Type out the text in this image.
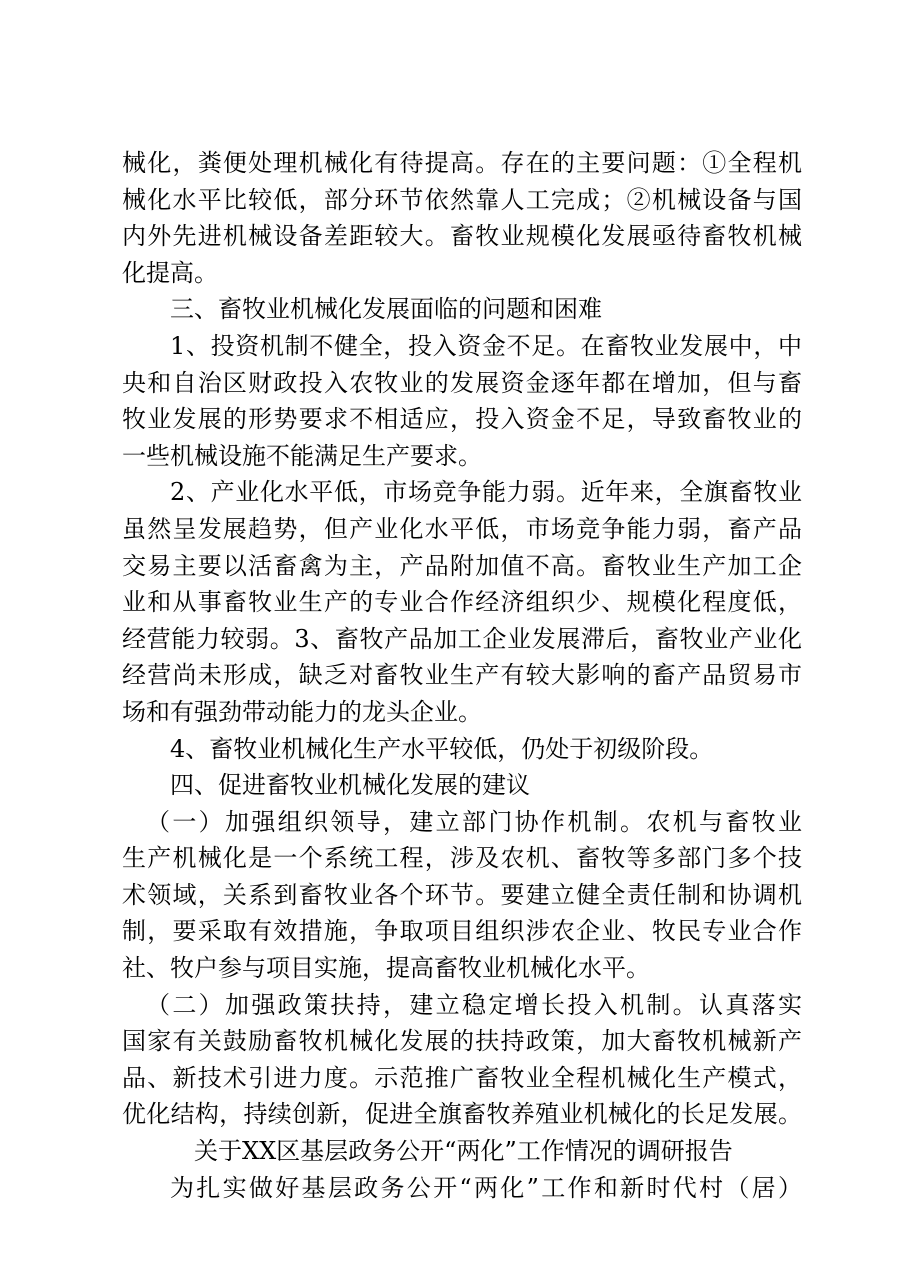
械化，粪便处理机械化有待提高。存在的主要问题：①全程机
械化水平比较低，部分环节依然靠人工完成；②机械设备与国
内外先进机械设备差距较大。畜牧业规模化发展亟待畜牧机械
化提高。
三、畜牧业机械化发展面临的问题和困难
1、投资机制不健全，投入资金不足。在畜牧业发展中，中
央和自治区财政投入农牧业的发展资金逐年都在增加，但与畜
牧业发展的形势要求不相适应，投入资金不足，导致畜牧业的
一些机械设施不能满足生产要求。
2、产业化水平低，市场竞争能力弱。近年来，全旗畜牧业
虽然呈发展趋势，但产业化水平低，市场竞争能力弱，畜产品
交易主要以活畜禽为主，产品附加值不高。畜牧业生产加工企
业和从事畜牧业生产的专业合作经济组织少、规模化程度低，
经营能力较弱。3、畜牧产品加工企业发展滞后，畜牧业产业化
经营尚未形成，缺乏对畜牧业生产有较大影响的畜产品贸易市
场和有强劲带动能力的龙头企业。
4、畜牧业机械化生产水平较低，仍处于初级阶段。
四、促进畜牧业机械化发展的建议
（一）加强组织领导，建立部门协作机制。农机与畜牧业
生产机械化是一个系统工程，涉及农机、畜牧等多部门多个技
术领域，关系到畜牧业各个环节。要建立健全责任制和协调机
制，要采取有效措施，争取项目组织涉农企业、牧民专业合作
社、牧户参与项目实施，提高畜牧业机械化水平。
（二）加强政策扶持，建立稳定增长投入机制。认真落实
国家有关鼓励畜牧机械化发展的扶持政策，加大畜牧机械新产
品、新技术引进力度。示范推广畜牧业全程机械化生产模式，
优化结构，持续创新，促进全旗畜牧养殖业机械化的长足发展。
关于XX区基层政务公开“两化”工作情况的调研报告
为扎实做好基层政务公开“两化”工作和新时代村（居）
